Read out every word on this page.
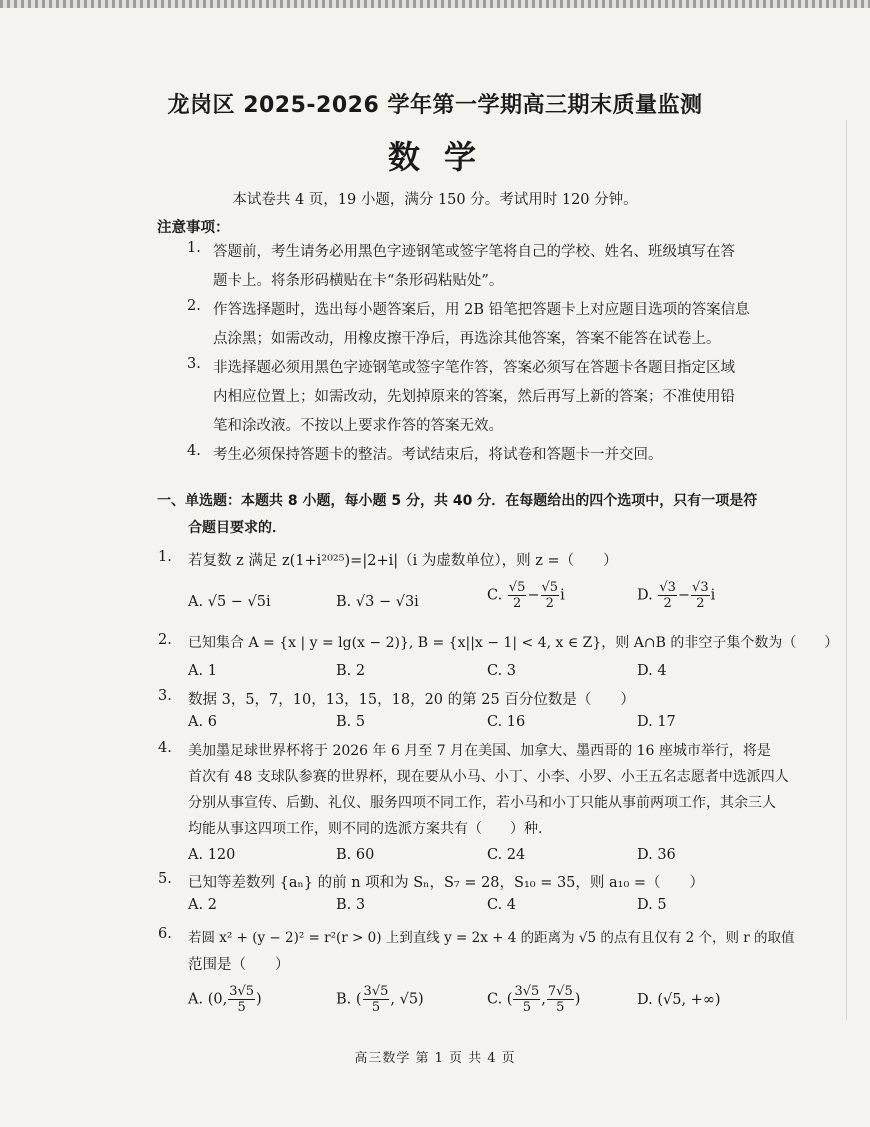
龙岗区 2025-2026 学年第一学期高三期末质量监测
数学
本试卷共 4 页，19 小题，满分 150 分。考试用时 120 分钟。
注意事项：
1. 答题前，考生请务必用黑色字迹钢笔或签字笔将自己的学校、姓名、班级填写在答
题卡上。将条形码横贴在卡“条形码粘贴处”。
2. 作答选择题时，选出每小题答案后，用 2B 铅笔把答题卡上对应题目选项的答案信息
点涂黑；如需改动，用橡皮擦干净后，再选涂其他答案，答案不能答在试卷上。
3. 非选择题必须用黑色字迹钢笔或签字笔作答，答案必须写在答题卡各题目指定区域
内相应位置上；如需改动，先划掉原来的答案，然后再写上新的答案；不准使用铅
笔和涂改液。不按以上要求作答的答案无效。
4. 考生必须保持答题卡的整洁。考试结束后，将试卷和答题卡一并交回。
一、单选题：本题共 8 小题，每小题 5 分，共 40 分．在每题给出的四个选项中，只有一项是符
合题目要求的．
1. 若复数 z 满足 z(1+i²⁰²⁵)=|2+i|（i 为虚数单位），则 z =（　　）
A. √5 − √5i	B. √3 − √3i	C. $\frac{√5}{2} - \frac{√5}{2}$ i	D. $\frac{√3}{2} - \frac{√3}{2}$ i
2. 已知集合 A = {x | y = lg(x − 2)}, B = {x||x − 1| < 4, x ∈ Z}，则 A∩B 的非空子集个数为（　　）
A. 1	B. 2	C. 3	D. 4
3. 数据 3，5，7，10，13，15，18，20 的第 25 百分位数是（　　）
A. 6	B. 5	C. 16	D. 17
4. 美加墨足球世界杯将于 2026 年 6 月至 7 月在美国、加拿大、墨西哥的 16 座城市举行，将是
首次有 48 支球队参赛的世界杯，现在要从小马、小丁、小李、小罗、小王五名志愿者中选派四人
分别从事宣传、后勤、礼仪、服务四项不同工作，若小马和小丁只能从事前两项工作，其余三人
均能从事这四项工作，则不同的选派方案共有（　　）种．
A. 120	B. 60	C. 24	D. 36
5. 已知等差数列 {aₙ} 的前 n 项和为 Sₙ，S₇ = 28，S₁₀ = 35，则 a₁₀ =（　　）
A. 2	B. 3	C. 4	D. 5
6. 若圆 x² + (y − 2)² = r²(r > 0) 上到直线 y = 2x + 4 的距离为 √5 的点有且仅有 2 个，则 r 的取值
范围是（　　）
A. (0, $\frac{3√5}{5}$ )	B. ( $\frac{3√5}{5}$ , √5)	C. ( $\frac{3√5}{5}$ , $\frac{7√5}{5}$ )	D. (√5, +∞)
高三数学 第 1 页 共 4 页
